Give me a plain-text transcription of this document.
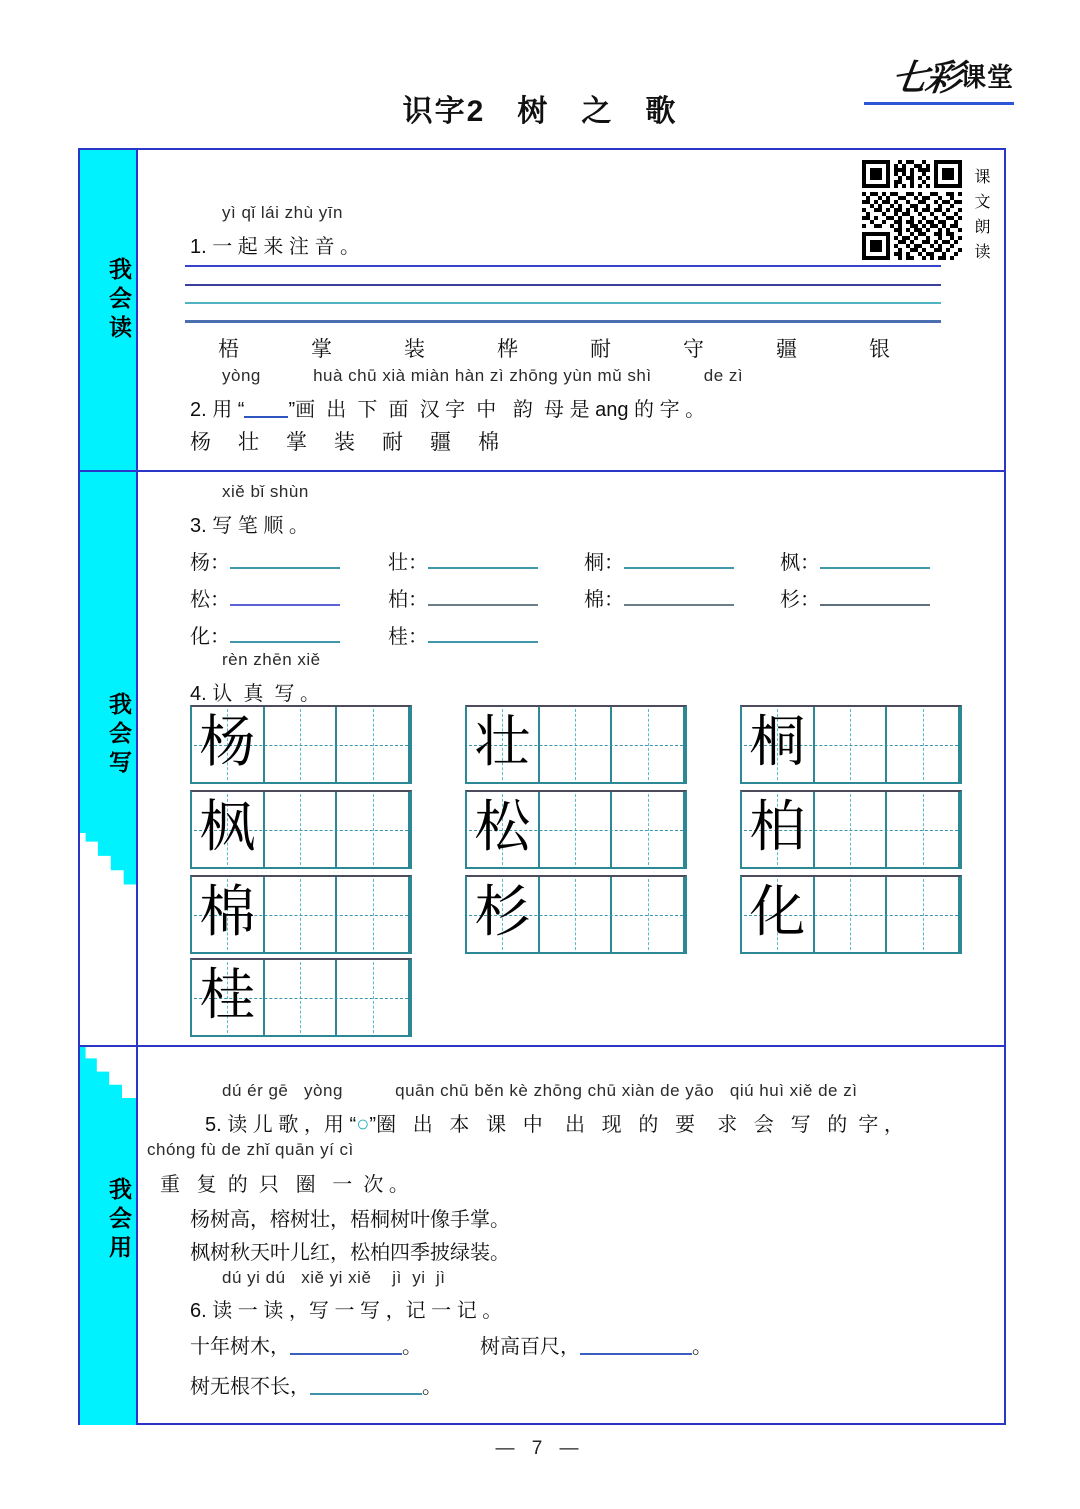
七彩课堂
识字2　树　之　歌
我会读
我会写
我会用
课文朗读
yì qǐ lái zhù yīn
1. 一 起 来 注 音 。
梧	掌	装	桦	耐	守	疆	银
yòng          huà chū xià miàn hàn zì zhōng yùn mǔ shì          de zì
2. 用 “ ”画  出  下  面  汉 字  中   韵  母 是 ang 的 字 。
杨 壮 掌 装 耐 疆 棉
xiě bǐ shùn
3. 写 笔 顺 。
杨：	壮：	桐：	枫：
松：	柏：	棉：	杉：
化：	桂：
rèn zhēn xiě
4. 认  真  写 。
杨	壮	桐
枫	松	柏
棉	杉	化
桂
dú ér gē   yòng          quān chū běn kè zhōng chū xiàn de yāo   qiú huì xiě de zì
5. 读 儿 歌 ，用 “○”圈   出   本   课   中    出   现   的   要    求   会   写   的  字 ，
chóng fù de zhǐ quān yí cì
重   复  的  只   圈   一  次 。
杨树高，榕树壮，梧桐树叶像手掌。
枫树秋天叶儿红，松柏四季披绿装。
dú yi dú   xiě yi xiě    jì  yi  jì
6. 读 一 读 ，写 一 写 ，记 一 记 。
十年树木，	。	树高百尺，	。
树无根不长，	。
— 7 —
